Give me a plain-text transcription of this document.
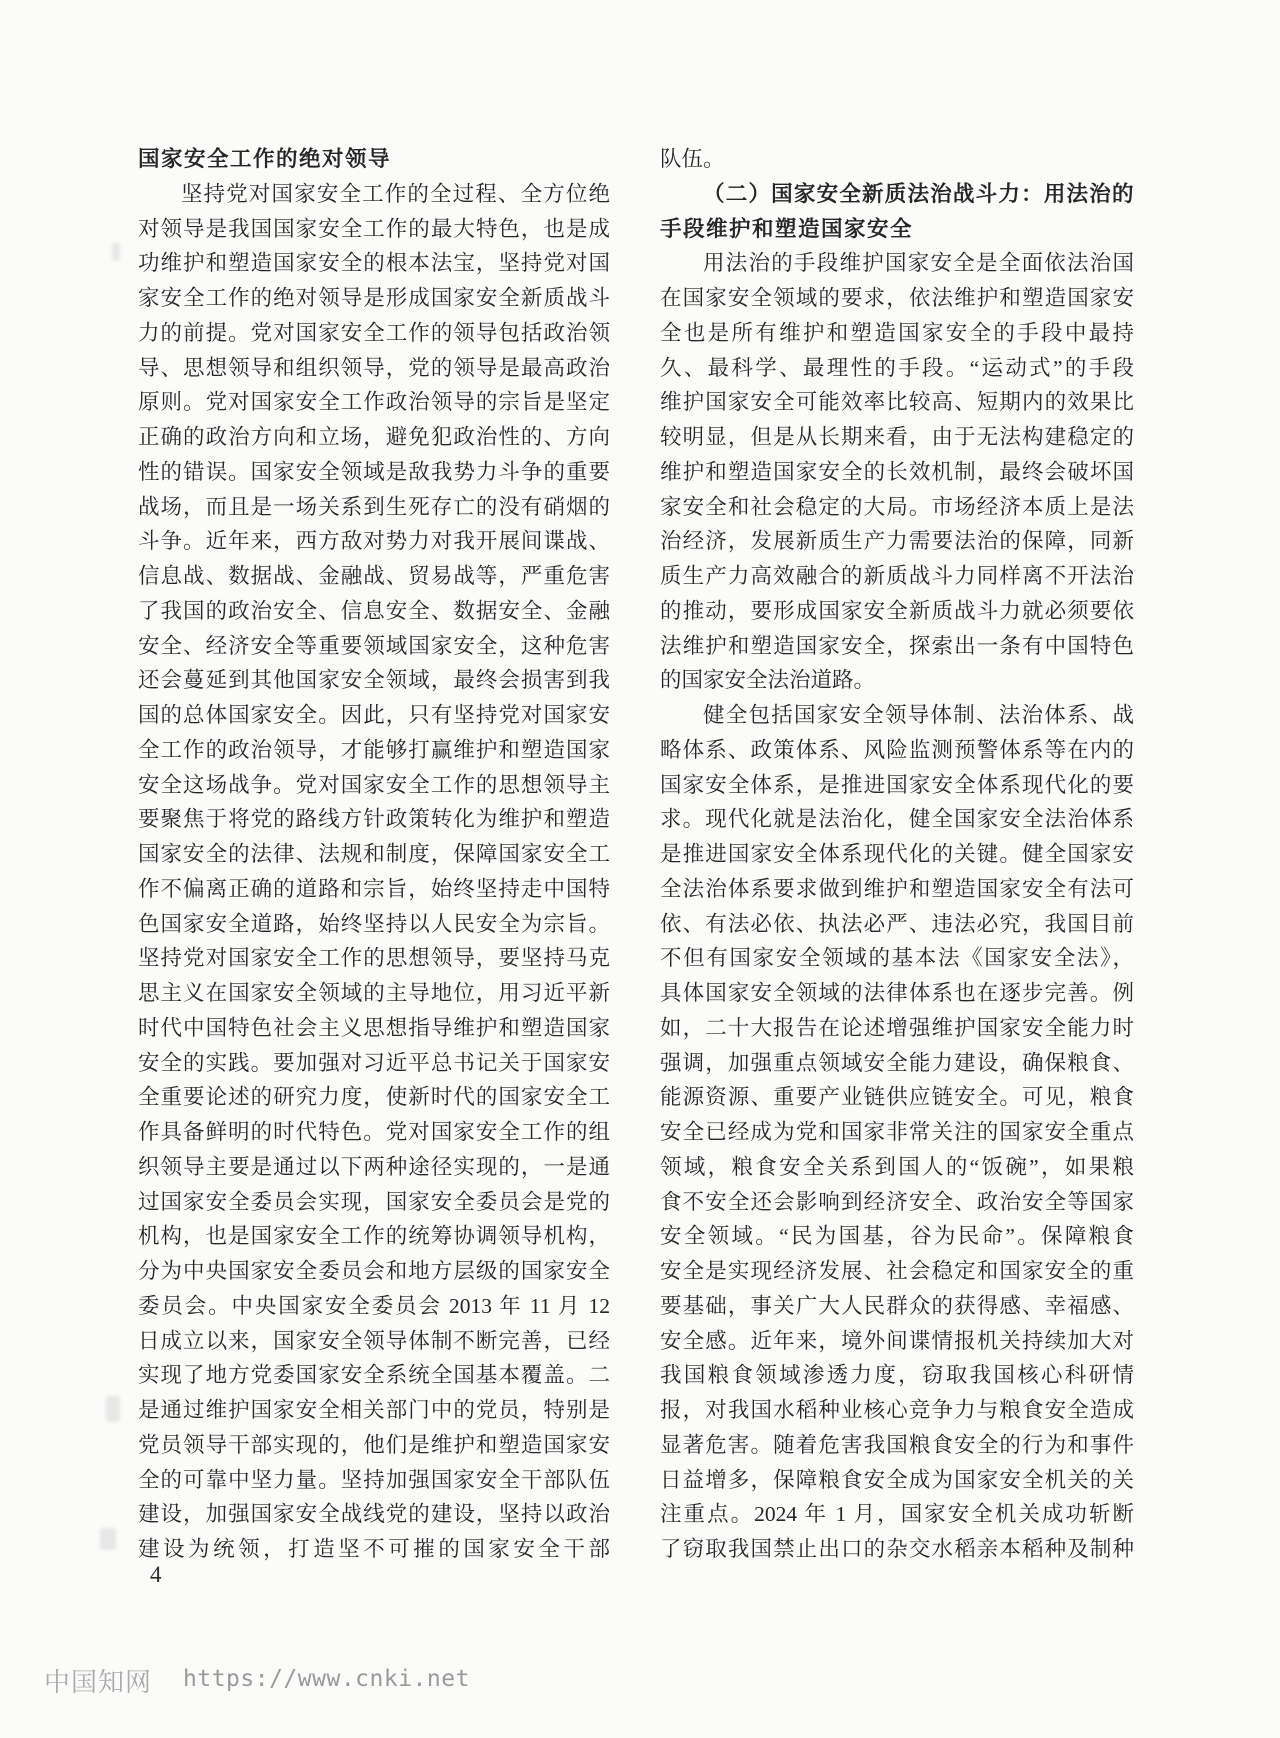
国家安全工作的绝对领导
坚持党对国家安全工作的全过程、全方位绝
对领导是我国国家安全工作的最大特色，也是成
功维护和塑造国家安全的根本法宝，坚持党对国
家安全工作的绝对领导是形成国家安全新质战斗
力的前提。党对国家安全工作的领导包括政治领
导、思想领导和组织领导，党的领导是最高政治
原则。党对国家安全工作政治领导的宗旨是坚定
正确的政治方向和立场，避免犯政治性的、方向
性的错误。国家安全领域是敌我势力斗争的重要
战场，而且是一场关系到生死存亡的没有硝烟的
斗争。近年来，西方敌对势力对我开展间谍战、
信息战、数据战、金融战、贸易战等，严重危害
了我国的政治安全、信息安全、数据安全、金融
安全、经济安全等重要领域国家安全，这种危害
还会蔓延到其他国家安全领域，最终会损害到我
国的总体国家安全。因此，只有坚持党对国家安
全工作的政治领导，才能够打赢维护和塑造国家
安全这场战争。党对国家安全工作的思想领导主
要聚焦于将党的路线方针政策转化为维护和塑造
国家安全的法律、法规和制度，保障国家安全工
作不偏离正确的道路和宗旨，始终坚持走中国特
色国家安全道路，始终坚持以人民安全为宗旨。
坚持党对国家安全工作的思想领导，要坚持马克
思主义在国家安全领域的主导地位，用习近平新
时代中国特色社会主义思想指导维护和塑造国家
安全的实践。要加强对习近平总书记关于国家安
全重要论述的研究力度，使新时代的国家安全工
作具备鲜明的时代特色。党对国家安全工作的组
织领导主要是通过以下两种途径实现的，一是通
过国家安全委员会实现，国家安全委员会是党的
机构，也是国家安全工作的统筹协调领导机构，
分为中央国家安全委员会和地方层级的国家安全
委员会。中央国家安全委员会 2013 年 11 月 12
日成立以来，国家安全领导体制不断完善，已经
实现了地方党委国家安全系统全国基本覆盖。二
是通过维护国家安全相关部门中的党员，特别是
党员领导干部实现的，他们是维护和塑造国家安
全的可靠中坚力量。坚持加强国家安全干部队伍
建设，加强国家安全战线党的建设，坚持以政治
建设为统领，打造坚不可摧的国家安全干部
队伍。
（二）国家安全新质法治战斗力：用法治的
手段维护和塑造国家安全
用法治的手段维护国家安全是全面依法治国
在国家安全领域的要求，依法维护和塑造国家安
全也是所有维护和塑造国家安全的手段中最持
久、最科学、最理性的手段。“运动式”的手段
维护国家安全可能效率比较高、短期内的效果比
较明显，但是从长期来看，由于无法构建稳定的
维护和塑造国家安全的长效机制，最终会破坏国
家安全和社会稳定的大局。市场经济本质上是法
治经济，发展新质生产力需要法治的保障，同新
质生产力高效融合的新质战斗力同样离不开法治
的推动，要形成国家安全新质战斗力就必须要依
法维护和塑造国家安全，探索出一条有中国特色
的国家安全法治道路。
健全包括国家安全领导体制、法治体系、战
略体系、政策体系、风险监测预警体系等在内的
国家安全体系，是推进国家安全体系现代化的要
求。现代化就是法治化，健全国家安全法治体系
是推进国家安全体系现代化的关键。健全国家安
全法治体系要求做到维护和塑造国家安全有法可
依、有法必依、执法必严、违法必究，我国目前
不但有国家安全领域的基本法《国家安全法》，
具体国家安全领域的法律体系也在逐步完善。例
如，二十大报告在论述增强维护国家安全能力时
强调，加强重点领域安全能力建设，确保粮食、
能源资源、重要产业链供应链安全。可见，粮食
安全已经成为党和国家非常关注的国家安全重点
领域，粮食安全关系到国人的“饭碗”，如果粮
食不安全还会影响到经济安全、政治安全等国家
安全领域。“民为国基，谷为民命”。保障粮食
安全是实现经济发展、社会稳定和国家安全的重
要基础，事关广大人民群众的获得感、幸福感、
安全感。近年来，境外间谍情报机关持续加大对
我国粮食领域渗透力度，窃取我国核心科研情
报，对我国水稻种业核心竞争力与粮食安全造成
显著危害。随着危害我国粮食安全的行为和事件
日益增多，保障粮食安全成为国家安全机关的关
注重点。2024 年 1 月，国家安全机关成功斩断
了窃取我国禁止出口的杂交水稻亲本稻种及制种
4
中国知网 https://www.cnki.net
